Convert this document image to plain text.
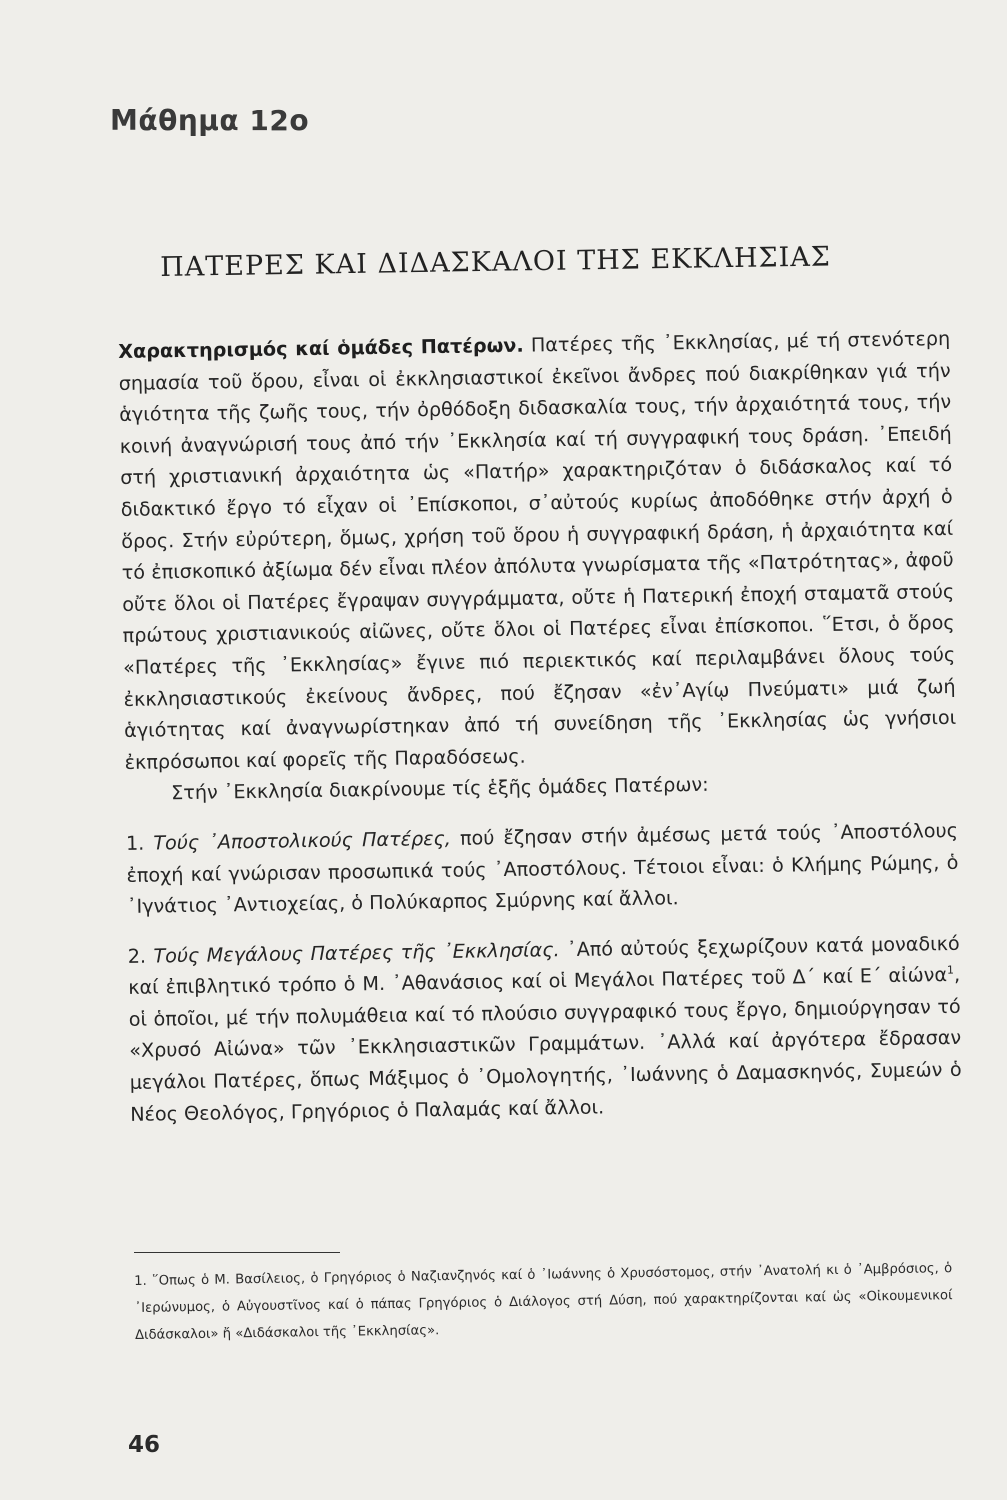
Μάθημα 12ο
ΠΑΤΕΡΕΣ ΚΑΙ ΔΙΔΑΣΚΑΛΟΙ ΤΗΣ ΕΚΚΛΗΣΙΑΣ

Χαρακτηρισμός καί ὁμάδες Πατέρων. Πατέρες τῆς ᾽Εκκλησίας, μέ τή στενότερη σημασία τοῦ ὅρου, εἶναι οἱ ἐκκλησιαστικοί ἐκεῖνοι ἄνδρες πού διακρίθηκαν γιά τήν ἁγιότητα τῆς ζωῆς τους, τήν ὀρθόδοξη διδασκαλία τους, τήν ἀρχαιότητά τους, τήν κοινή ἀναγνώρισή τους ἀπό τήν ᾽Εκκλησία καί τή συγγραφική τους δράση. ᾽Επειδή στή χριστιανική ἀρχαιότητα ὡς «Πατήρ» χαρακτηριζόταν ὁ διδάσκαλος καί τό διδακτικό ἔργο τό εἶχαν οἱ ᾽Επίσκοποι, σ᾽αὐτούς κυρίως ἀποδόθηκε στήν ἀρχή ὁ ὅρος. Στήν εὐρύτερη, ὅμως, χρήση τοῦ ὅρου ἡ συγγραφική δράση, ἡ ἀρχαιότητα καί τό ἐπισκοπικό ἀξίωμα δέν εἶναι πλέον ἀπόλυτα γνωρίσματα τῆς «Πατρότητας», ἀφοῦ οὔτε ὅλοι οἱ Πατέρες ἔγραψαν συγγράμματα, οὔτε ἡ Πατερική ἐποχή σταματᾶ στούς πρώτους χριστιανικούς αἰῶνες, οὔτε ὅλοι οἱ Πατέρες εἶναι ἐπίσκοποι. ῞Ετσι, ὁ ὅρος «Πατέρες τῆς ᾽Εκκλησίας» ἔγινε πιό περιεκτικός καί περιλαμβάνει ὅλους τούς ἐκκλησιαστικούς ἐκείνους ἄνδρες, πού ἔζησαν «ἐν᾽Αγίῳ Πνεύματι» μιά ζωή ἁγιότητας καί ἀναγνωρίστηκαν ἀπό τή συνείδηση τῆς ᾽Εκκλησίας ὡς γνήσιοι ἐκπρόσωποι καί φορεῖς τῆς Παραδόσεως.

Στήν ᾽Εκκλησία διακρίνουμε τίς ἑξῆς ὁμάδες Πατέρων:

1. Τούς ᾽Αποστολικούς Πατέρες, πού ἔζησαν στήν ἀμέσως μετά τούς ᾽Αποστόλους ἐποχή καί γνώρισαν προσωπικά τούς ᾽Αποστόλους. Τέτοιοι εἶναι: ὁ Κλήμης Ρώμης, ὁ ᾽Ιγνάτιος ᾽Αντιοχείας, ὁ Πολύκαρπος Σμύρνης καί ἄλλοι.

2. Τούς Μεγάλους Πατέρες τῆς ᾽Εκκλησίας. ᾽Από αὐτούς ξεχωρίζουν κατά μοναδικό καί ἐπιβλητικό τρόπο ὁ Μ. ᾽Αθανάσιος καί οἱ Μεγάλοι Πατέρες τοῦ Δ΄ καί Ε΄ αἰώνα$^1$, οἱ ὁποῖοι, μέ τήν πολυμάθεια καί τό πλούσιο συγγραφικό τους ἔργο, δημιούργησαν τό «Χρυσό Αἰώνα» τῶν ᾽Εκκλησιαστικῶν Γραμμάτων. ᾽Αλλά καί ἀργότερα ἔδρασαν μεγάλοι Πατέρες, ὅπως Μάξιμος ὁ ᾽Ομολογητής, ᾽Ιωάννης ὁ Δαμασκηνός, Συμεών ὁ Νέος Θεολόγος, Γρηγόριος ὁ Παλαμάς καί ἄλλοι.

1. ῞Οπως ὁ Μ. Βασίλειος, ὁ Γρηγόριος ὁ Ναζιανζηνός καί ὁ ᾽Ιωάννης ὁ Χρυσόστομος, στήν ᾽Ανατολή κι ὁ ᾽Αμβρόσιος, ὁ ᾽Ιερώνυμος, ὁ Αὐγουστῖνος καί ὁ πάπας Γρηγόριος ὁ Διάλογος στή Δύση, πού χαρακτηρίζονται καί ὡς «Οἰκουμενικοί Διδάσκαλοι» ἤ «Διδάσκαλοι τῆς ᾽Εκκλησίας».
46
